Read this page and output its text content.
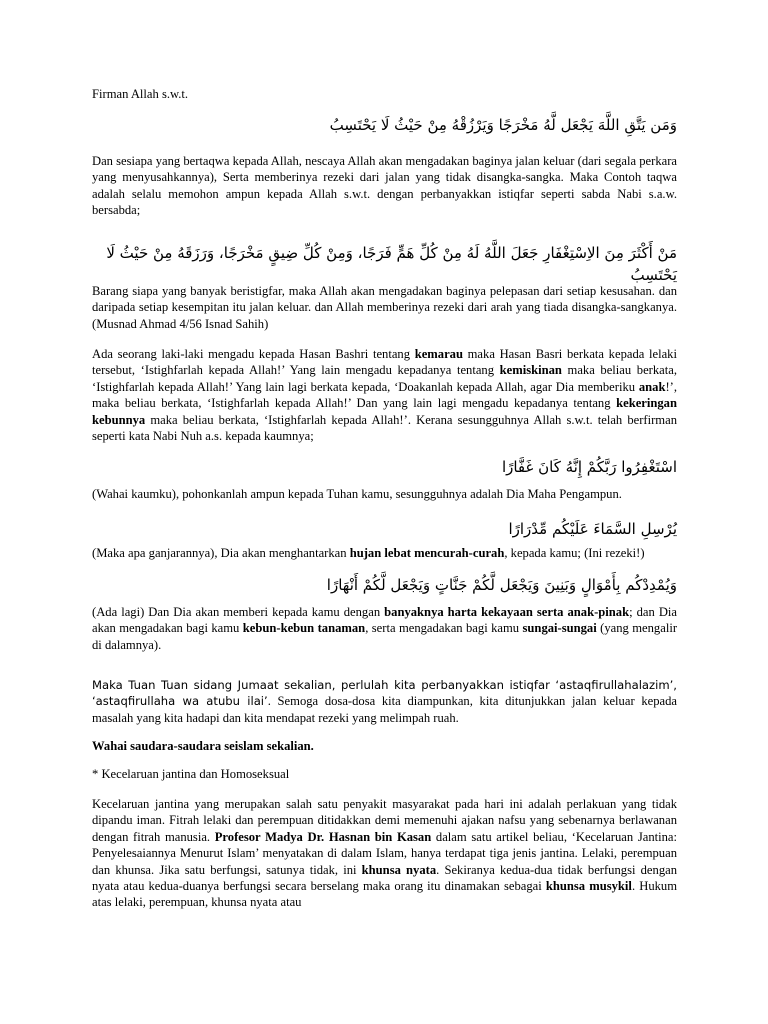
Firman Allah s.w.t.

وَمَن يَتَّقِ اللَّهَ يَجْعَل لَّهُ مَخْرَجًا وَيَرْزُقْهُ مِنْ حَيْثُ لَا يَحْتَسِبُ

Dan sesiapa yang bertaqwa kepada Allah, nescaya Allah akan mengadakan baginya jalan keluar (dari segala perkara yang menyusahkannya), Serta memberinya rezeki dari jalan yang tidak disangka-sangka. Maka Contoh taqwa adalah selalu memohon ampun kepada Allah s.w.t. dengan perbanyakkan istiqfar seperti sabda Nabi s.a.w. bersabda;

مَنْ أَكْثَرَ مِنَ الاِسْتِغْفَارِ جَعَلَ اللَّهُ لَهُ مِنْ كُلِّ هَمٍّ فَرَجًا، وَمِنْ كُلِّ ضِيقٍ مَخْرَجًا، وَرَزَقَهُ مِنْ حَيْثُ لَا يَحْتَسِبُ

Barang siapa yang banyak beristigfar, maka Allah akan mengadakan baginya pelepasan dari setiap kesusahan. dan daripada setiap kesempitan itu jalan keluar. dan Allah memberinya rezeki dari arah yang tiada disangka-sangkanya. (Musnad Ahmad 4/56 Isnad Sahih)

Ada seorang laki-laki mengadu kepada Hasan Bashri tentang kemarau maka Hasan Basri berkata kepada lelaki tersebut, ‘Istighfarlah kepada Allah!’ Yang lain mengadu kepadanya tentang kemiskinan maka beliau berkata, ‘Istighfarlah kepada Allah!’ Yang lain lagi berkata kepada, ‘Doakanlah kepada Allah, agar Dia memberiku anak!’, maka beliau berkata, ‘Istighfarlah kepada Allah!’ Dan yang lain lagi mengadu kepadanya tentang kekeringan kebunnya maka beliau berkata, ‘Istighfarlah kepada Allah!’. Kerana sesungguhnya Allah s.w.t. telah berfirman seperti kata Nabi Nuh a.s. kepada kaumnya;

اسْتَغْفِرُوا رَبَّكُمْ إِنَّهُ كَانَ غَفَّارًا

(Wahai kaumku), pohonkanlah ampun kepada Tuhan kamu, sesungguhnya adalah Dia Maha Pengampun.

يُرْسِلِ السَّمَاءَ عَلَيْكُم مِّدْرَارًا

(Maka apa ganjarannya), Dia akan menghantarkan hujan lebat mencurah-curah, kepada kamu; (Ini rezeki!)

وَيُمْدِدْكُم بِأَمْوَالٍ وَبَنِينَ وَيَجْعَل لَّكُمْ جَنَّاتٍ وَيَجْعَل لَّكُمْ أَنْهَارًا

(Ada lagi) Dan Dia akan memberi kepada kamu dengan banyaknya harta kekayaan serta anak-pinak; dan Dia akan mengadakan bagi kamu kebun-kebun tanaman, serta mengadakan bagi kamu sungai-sungai (yang mengalir di dalamnya).

Maka Tuan Tuan sidang Jumaat sekalian, perlulah kita perbanyakkan istiqfar ‘astaqfirullahalazim’, ‘astaqfirullaha wa atubu ilai’. Semoga dosa-dosa kita diampunkan, kita ditunjukkan jalan keluar kepada masalah yang kita hadapi dan kita mendapat rezeki yang melimpah ruah.

Wahai saudara-saudara seislam sekalian.

* Kecelaruan jantina dan Homoseksual

Kecelaruan jantina yang merupakan salah satu penyakit masyarakat pada hari ini adalah perlakuan yang tidak dipandu iman. Fitrah lelaki dan perempuan ditidakkan demi memenuhi ajakan nafsu yang sebenarnya berlawanan dengan fitrah manusia. Profesor Madya Dr. Hasnan bin Kasan dalam satu artikel beliau, ‘Kecelaruan Jantina: Penyelesaiannya Menurut Islam’ menyatakan di dalam Islam, hanya terdapat tiga jenis jantina. Lelaki, perempuan dan khunsa. Jika satu berfungsi, satunya tidak, ini khunsa nyata. Sekiranya kedua-dua tidak berfungsi dengan nyata atau kedua-duanya berfungsi secara berselang maka orang itu dinamakan sebagai khunsa musykil. Hukum atas lelaki, perempuan, khunsa nyata atau
